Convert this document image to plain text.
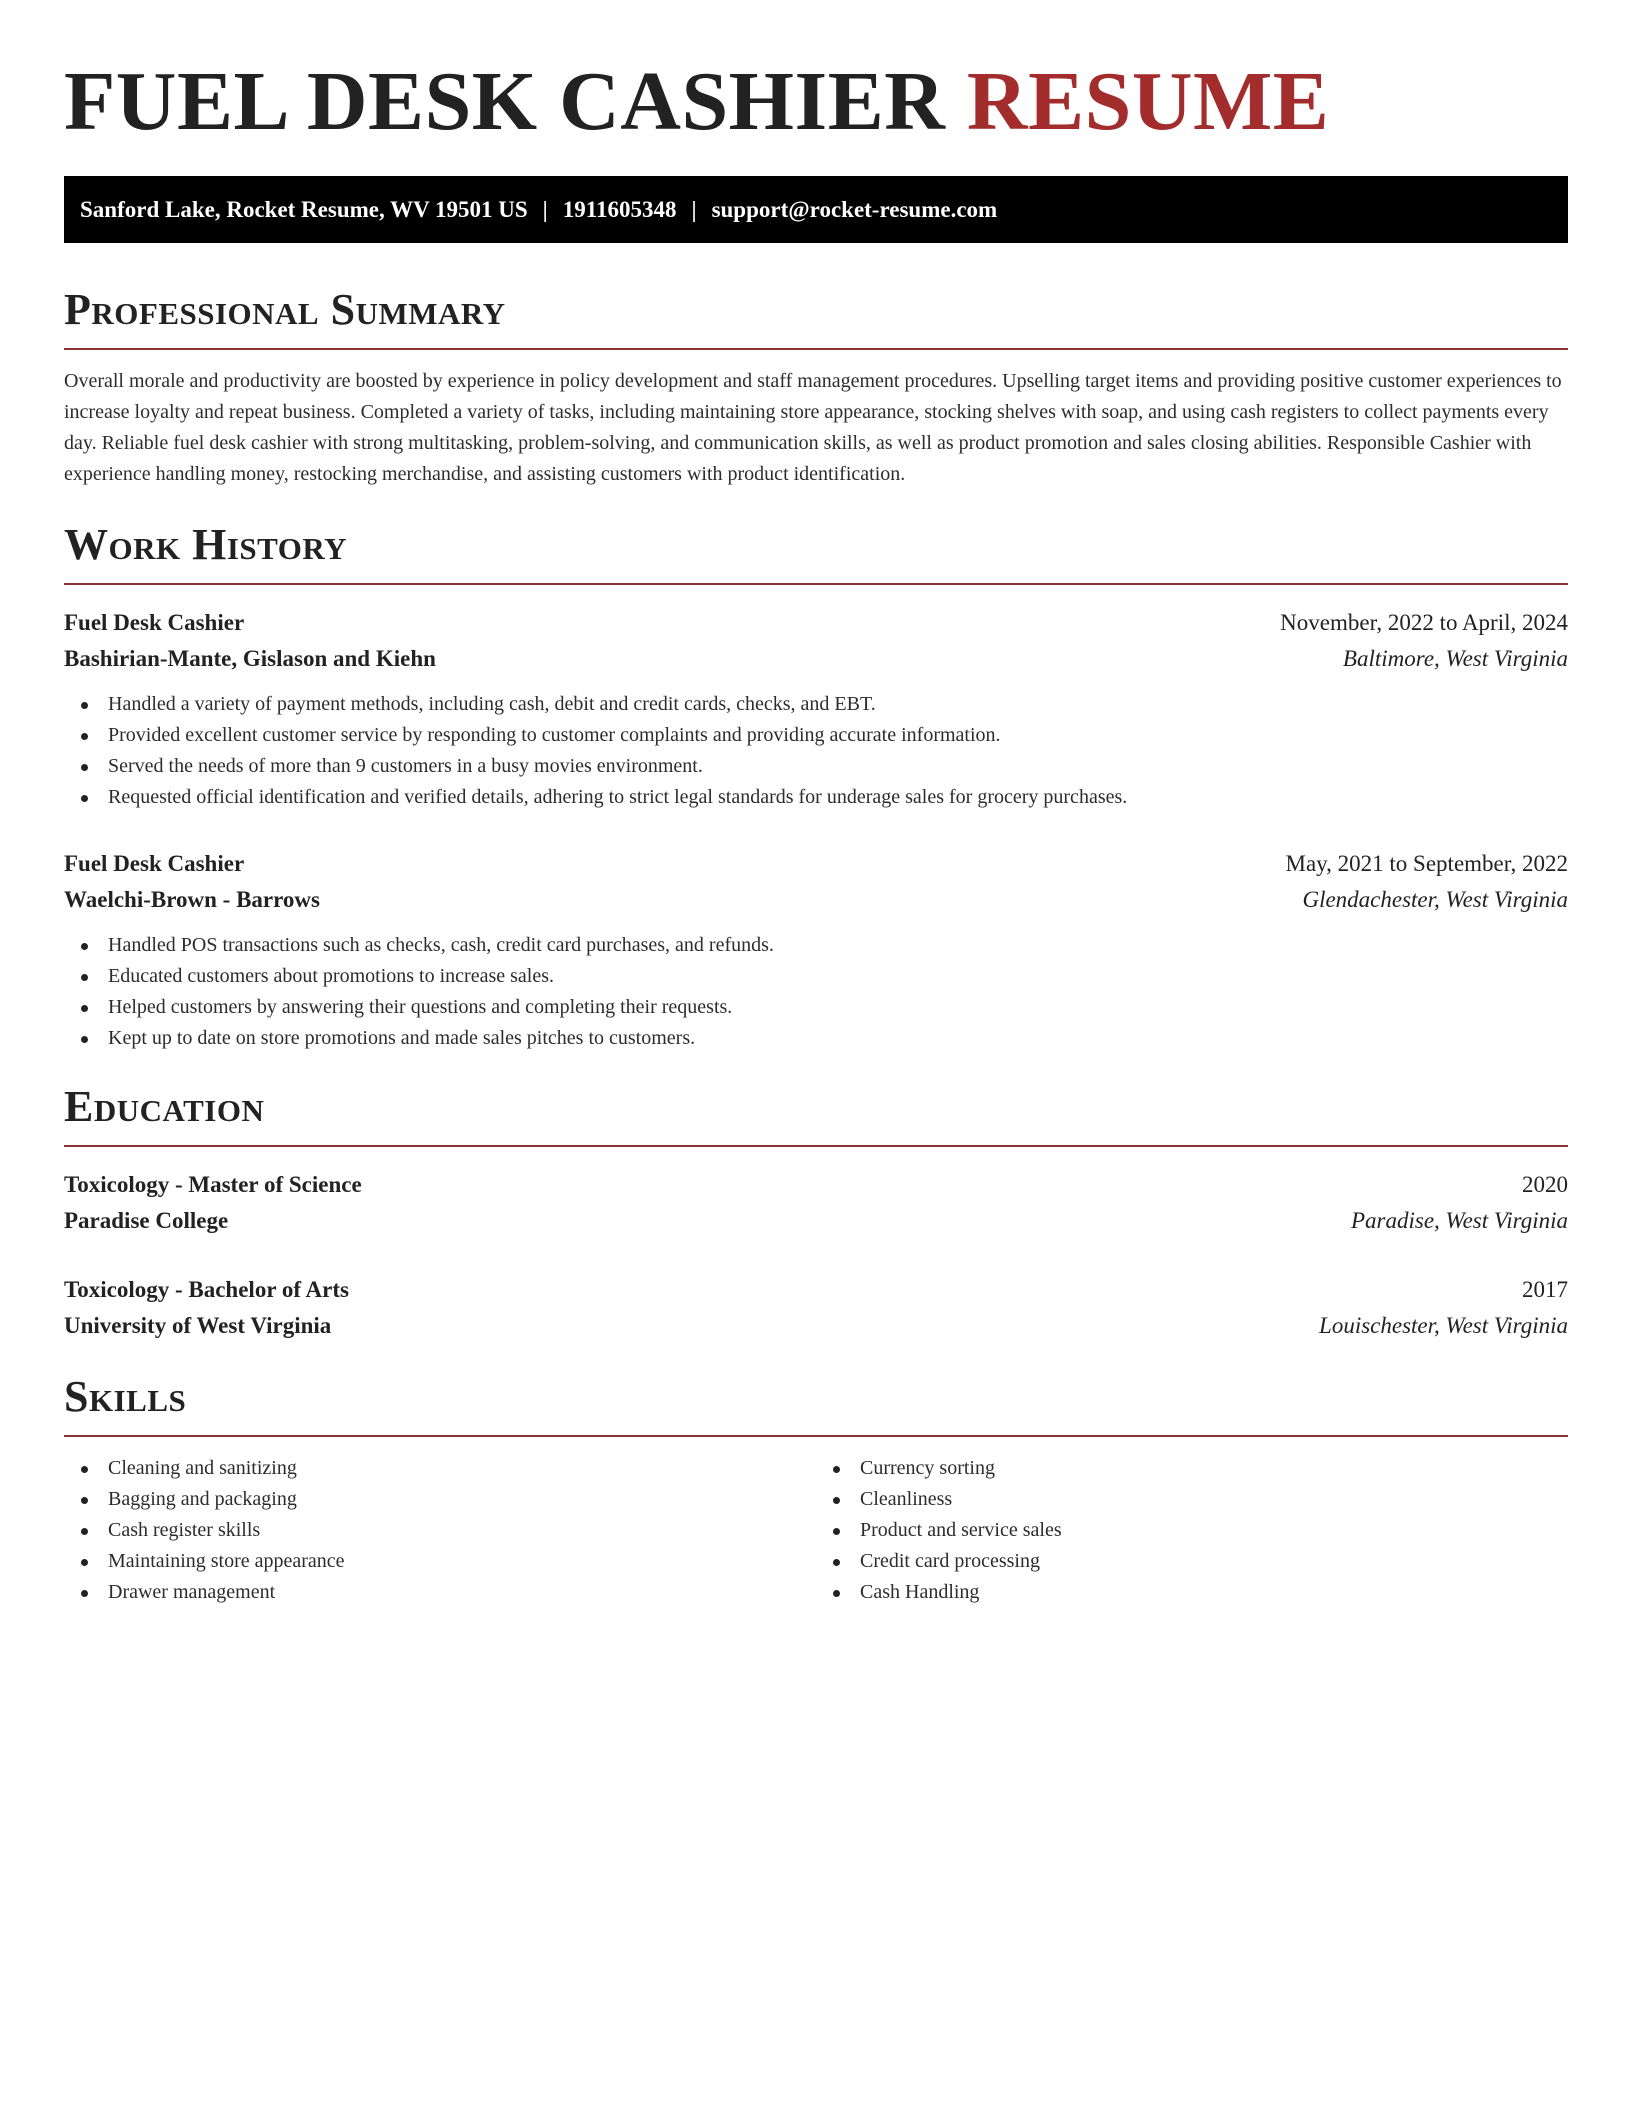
FUEL DESK CASHIER RESUME
Sanford Lake, Rocket Resume, WV 19501 US | 1911605348 | support@rocket-resume.com
Professional Summary

Overall morale and productivity are boosted by experience in policy development and staff management procedures. Upselling target items and providing positive customer experiences to increase loyalty and repeat business. Completed a variety of tasks, including maintaining store appearance, stocking shelves with soap, and using cash registers to collect payments every day. Reliable fuel desk cashier with strong multitasking, problem-solving, and communication skills, as well as product promotion and sales closing abilities. Responsible Cashier with experience handling money, restocking merchandise, and assisting customers with product identification.

Work History
Fuel Desk Cashier	November, 2022 to April, 2024
Bashirian-Mante, Gislason and Kiehn	Baltimore, West Virginia
Handled a variety of payment methods, including cash, debit and credit cards, checks, and EBT.
Provided excellent customer service by responding to customer complaints and providing accurate information.
Served the needs of more than 9 customers in a busy movies environment.
Requested official identification and verified details, adhering to strict legal standards for underage sales for grocery purchases.
Fuel Desk Cashier	May, 2021 to September, 2022
Waelchi-Brown - Barrows	Glendachester, West Virginia
Handled POS transactions such as checks, cash, credit card purchases, and refunds.
Educated customers about promotions to increase sales.
Helped customers by answering their questions and completing their requests.
Kept up to date on store promotions and made sales pitches to customers.
Education
Toxicology - Master of Science	2020
Paradise College	Paradise, West Virginia
Toxicology - Bachelor of Arts	2017
University of West Virginia	Louischester, West Virginia
Skills
Cleaning and sanitizing
Bagging and packaging
Cash register skills
Maintaining store appearance
Drawer management
Currency sorting
Cleanliness
Product and service sales
Credit card processing
Cash Handling
